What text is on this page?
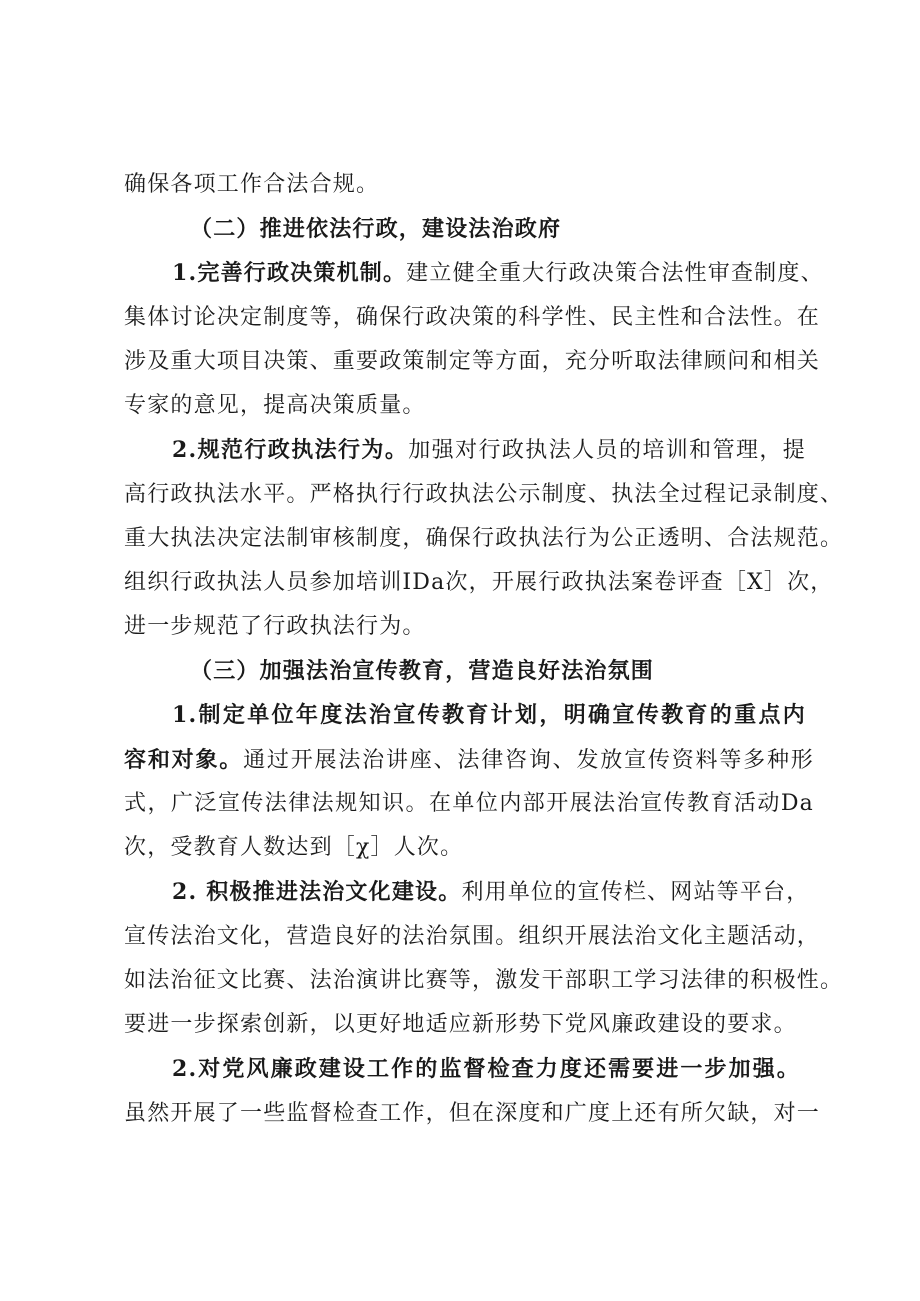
确保各项工作合法合规。
（二）推进依法行政，建设法治政府
1.完善行政决策机制。建立健全重大行政决策合法性审查制度、
集体讨论决定制度等，确保行政决策的科学性、民主性和合法性。在
涉及重大项目决策、重要政策制定等方面，充分听取法律顾问和相关
专家的意见，提高决策质量。
2.规范行政执法行为。加强对行政执法人员的培训和管理，提
高行政执法水平。严格执行行政执法公示制度、执法全过程记录制度、
重大执法决定法制审核制度，确保行政执法行为公正透明、合法规范。
组织行政执法人员参加培训IDa次，开展行政执法案卷评查［X］次，
进一步规范了行政执法行为。
（三）加强法治宣传教育，营造良好法治氛围
1.制定单位年度法治宣传教育计划，明确宣传教育的重点内
容和对象。通过开展法治讲座、法律咨询、发放宣传资料等多种形
式，广泛宣传法律法规知识。在单位内部开展法治宣传教育活动Da
次，受教育人数达到［χ］人次。
2. 积极推进法治文化建设。利用单位的宣传栏、网站等平台，
宣传法治文化，营造良好的法治氛围。组织开展法治文化主题活动，
如法治征文比赛、法治演讲比赛等，激发干部职工学习法律的积极性。
要进一步探索创新，以更好地适应新形势下党风廉政建设的要求。
2.对党风廉政建设工作的监督检查力度还需要进一步加强。
虽然开展了一些监督检查工作，但在深度和广度上还有所欠缺，对一
